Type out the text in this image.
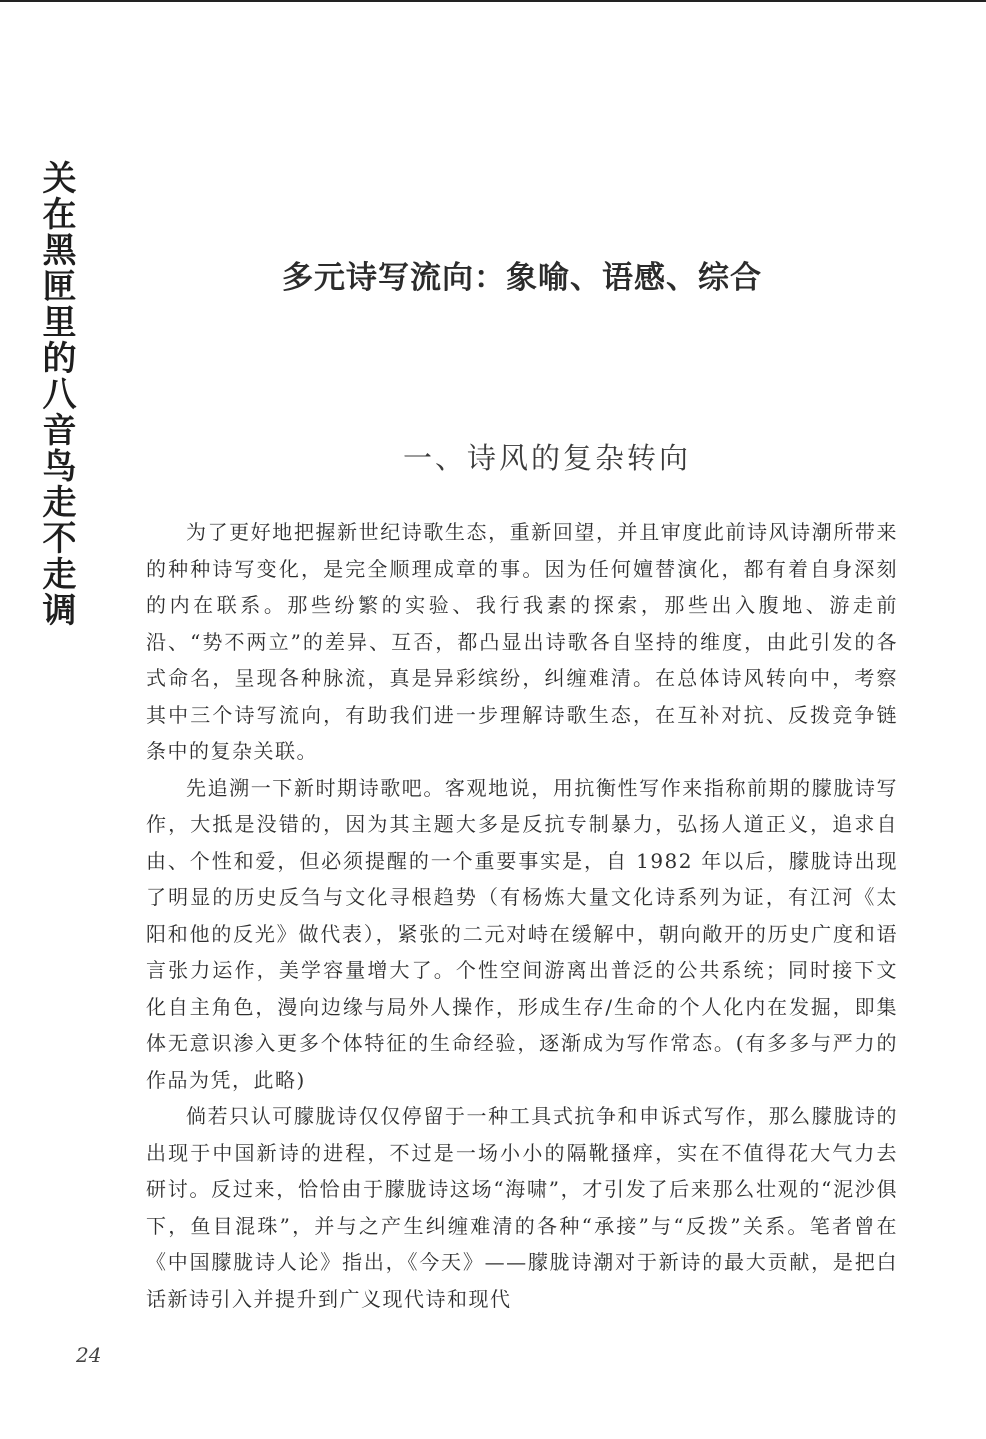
关在黑匣里的八音鸟走不走调	多元诗写流向：象喻、语感、综合
一、诗风的复杂转向

为了更好地把握新世纪诗歌生态，重新回望，并且审度此前诗风诗潮所带来的种种诗写变化，是完全顺理成章的事。因为任何嬗替演化，都有着自身深刻的内在联系。那些纷繁的实验、我行我素的探索，那些出入腹地、游走前沿、“势不两立”的差异、互否，都凸显出诗歌各自坚持的维度，由此引发的各式命名，呈现各种脉流，真是异彩缤纷，纠缠难清。在总体诗风转向中，考察其中三个诗写流向，有助我们进一步理解诗歌生态，在互补对抗、反拨竞争链条中的复杂关联。

先追溯一下新时期诗歌吧。客观地说，用抗衡性写作来指称前期的朦胧诗写作，大抵是没错的，因为其主题大多是反抗专制暴力，弘扬人道正义，追求自由、个性和爱，但必须提醒的一个重要事实是，自 1982 年以后，朦胧诗出现了明显的历史反刍与文化寻根趋势（有杨炼大量文化诗系列为证，有江河《太阳和他的反光》做代表），紧张的二元对峙在缓解中，朝向敞开的历史广度和语言张力运作，美学容量增大了。个性空间游离出普泛的公共系统；同时接下文化自主角色，漫向边缘与局外人操作，形成生存/生命的个人化内在发掘，即集体无意识渗入更多个体特征的生命经验，逐渐成为写作常态。(有多多与严力的作品为凭，此略)

倘若只认可朦胧诗仅仅停留于一种工具式抗争和申诉式写作，那么朦胧诗的出现于中国新诗的进程，不过是一场小小的隔靴搔痒，实在不值得花大气力去研讨。反过来，恰恰由于朦胧诗这场“海啸”，才引发了后来那么壮观的“泥沙俱下，鱼目混珠”，并与之产生纠缠难清的各种“承接”与“反拨”关系。笔者曾在《中国朦胧诗人论》指出，《今天》——朦胧诗潮对于新诗的最大贡献，是把白话新诗引入并提升到广义现代诗和现代

24
